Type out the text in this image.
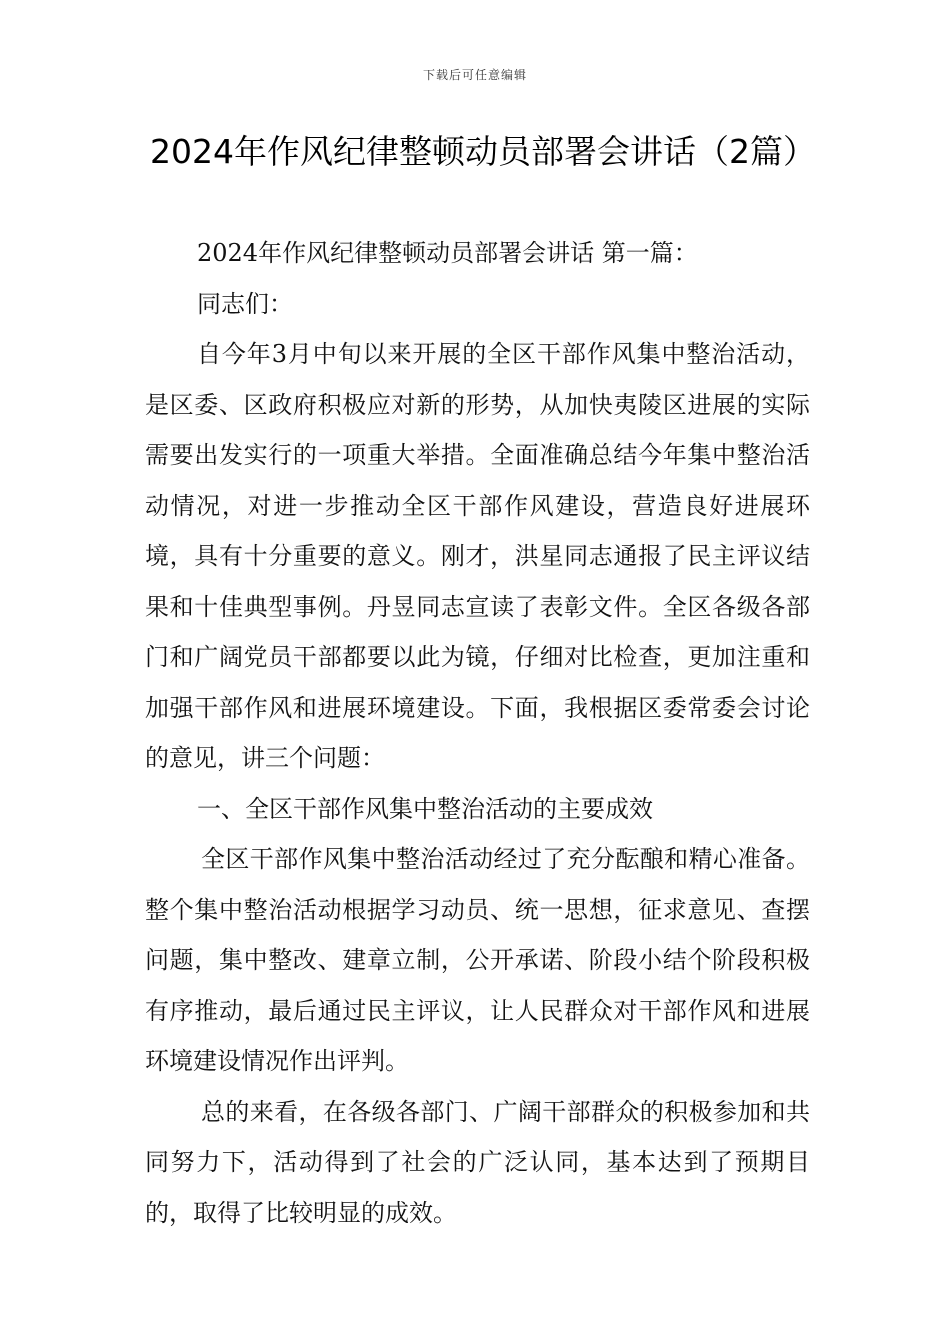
下载后可任意编辑
2024年作风纪律整顿动员部署会讲话（2篇）

2024年作风纪律整顿动员部署会讲话 第一篇：

同志们：

自今年3月中旬以来开展的全区干部作风集中整治活动，是区委、区政府积极应对新的形势，从加快夷陵区进展的实际需要出发实行的一项重大举措。全面准确总结今年集中整治活动情况，对进一步推动全区干部作风建设，营造良好进展环境，具有十分重要的意义。刚才，洪星同志通报了民主评议结果和十佳典型事例。丹昱同志宣读了表彰文件。全区各级各部门和广阔党员干部都要以此为镜，仔细对比检查，更加注重和加强干部作风和进展环境建设。下面，我根据区委常委会讨论的意见，讲三个问题：

一、全区干部作风集中整治活动的主要成效

全区干部作风集中整治活动经过了充分酝酿和精心准备。整个集中整治活动根据学习动员、统一思想，征求意见、查摆问题，集中整改、建章立制，公开承诺、阶段小结个阶段积极有序推动，最后通过民主评议，让人民群众对干部作风和进展环境建设情况作出评判。

总的来看，在各级各部门、广阔干部群众的积极参加和共同努力下，活动得到了社会的广泛认同，基本达到了预期目的，取得了比较明显的成效。
